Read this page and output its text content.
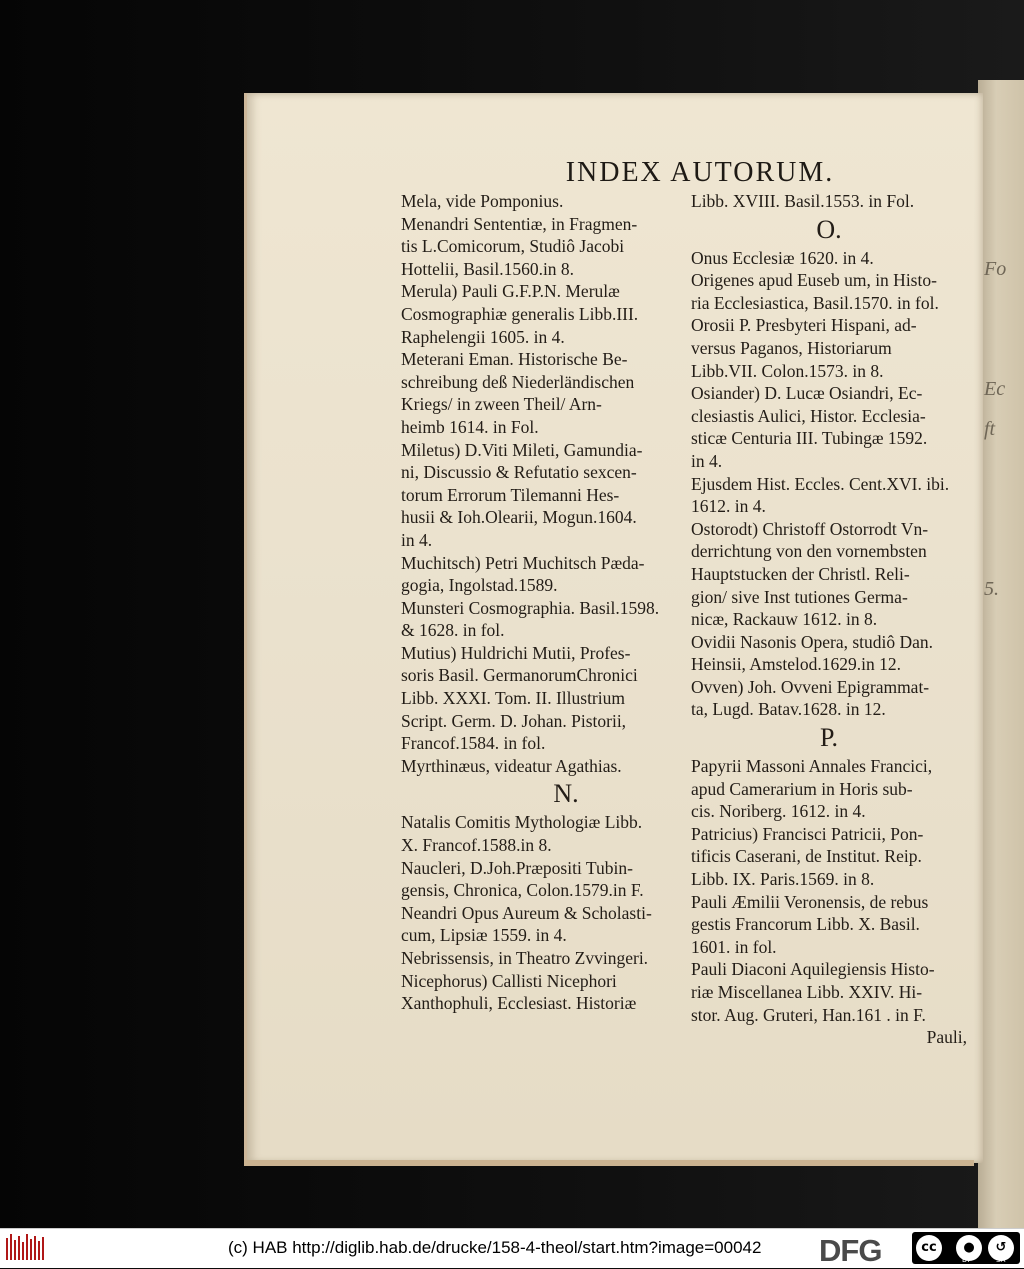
Fo
Ec
ft
5.
INDEX AUTORUM.
Mela, vide Pomponius.
Menandri Sententiæ, in Fragmen-
tis L.Comicorum, Studiô Jacobi
Hottelii, Basil.1560.in 8.
Merula) Pauli G.F.P.N. Merulæ
Cosmographiæ generalis Libb.III.
Raphelengii 1605. in 4.
Meterani Eman. Historische Be-
schreibung deß Niederländischen
Kriegs/ in zween Theil/ Arn-
heimb 1614. in Fol.
Miletus) D.Viti Mileti, Gamundia-
ni, Discussio & Refutatio sexcen-
torum Errorum Tilemanni Hes-
husii & Ioh.Olearii, Mogun.1604.
in 4.
Muchitsch) Petri Muchitsch Pæda-
gogia, Ingolstad.1589.
Munsteri Cosmographia. Basil.1598.
& 1628. in fol.
Mutius) Huldrichi Mutii, Profes-
soris Basil. GermanorumChronici
Libb. XXXI. Tom. II. Illustrium
Script. Germ. D. Johan. Pistorii,
Francof.1584. in fol.
Myrthinæus, videatur Agathias.
N.
Natalis Comitis Mythologiæ Libb.
X. Francof.1588.in 8.
Naucleri, D.Joh.Præpositi Tubin-
gensis, Chronica, Colon.1579.in F.
Neandri Opus Aureum & Scholasti-
cum, Lipsiæ 1559. in 4.
Nebrissensis, in Theatro Zvvingeri.
Nicephorus) Callisti Nicephori
Xanthophuli, Ecclesiast. Historiæ
Libb. XVIII. Basil.1553. in Fol.
O.
Onus Ecclesiæ 1620. in 4.
Origenes apud Euseb um, in Histo-
ria Ecclesiastica, Basil.1570. in fol.
Orosii P. Presbyteri Hispani, ad-
versus Paganos, Historiarum
Libb.VII. Colon.1573. in 8.
Osiander) D. Lucæ Osiandri, Ec-
clesiastis Aulici, Histor. Ecclesia-
sticæ Centuria III. Tubingæ 1592.
in 4.
Ejusdem Hist. Eccles. Cent.XVI. ibi.
1612. in 4.
Ostorodt) Christoff Ostorrodt Vn-
derrichtung von den vornembsten
Hauptstucken der Christl. Reli-
gion/ sive Inst tutiones Germa-
nicæ, Rackauw 1612. in 8.
Ovidii Nasonis Opera, studiô Dan.
Heinsii, Amstelod.1629.in 12.
Ovven) Joh. Ovveni Epigrammat-
ta, Lugd. Batav.1628. in 12.
P.
Papyrii Massoni Annales Francici,
apud Camerarium in Horis sub-
cis. Noriberg. 1612. in 4.
Patricius) Francisci Patricii, Pon-
tificis Caserani, de Institut. Reip.
Libb. IX. Paris.1569. in 8.
Pauli Æmilii Veronensis, de rebus
gestis Francorum Libb. X. Basil.
1601. in fol.
Pauli Diaconi Aquilegiensis Histo-
riæ Miscellanea Libb. XXIV. Hi-
stor. Aug. Gruteri, Han.161 . in F.
Pauli,
(c) HAB http://diglib.hab.de/drucke/158-4-theol/start.htm?image=00042 DFG	cc	●
BY
↺
SA
